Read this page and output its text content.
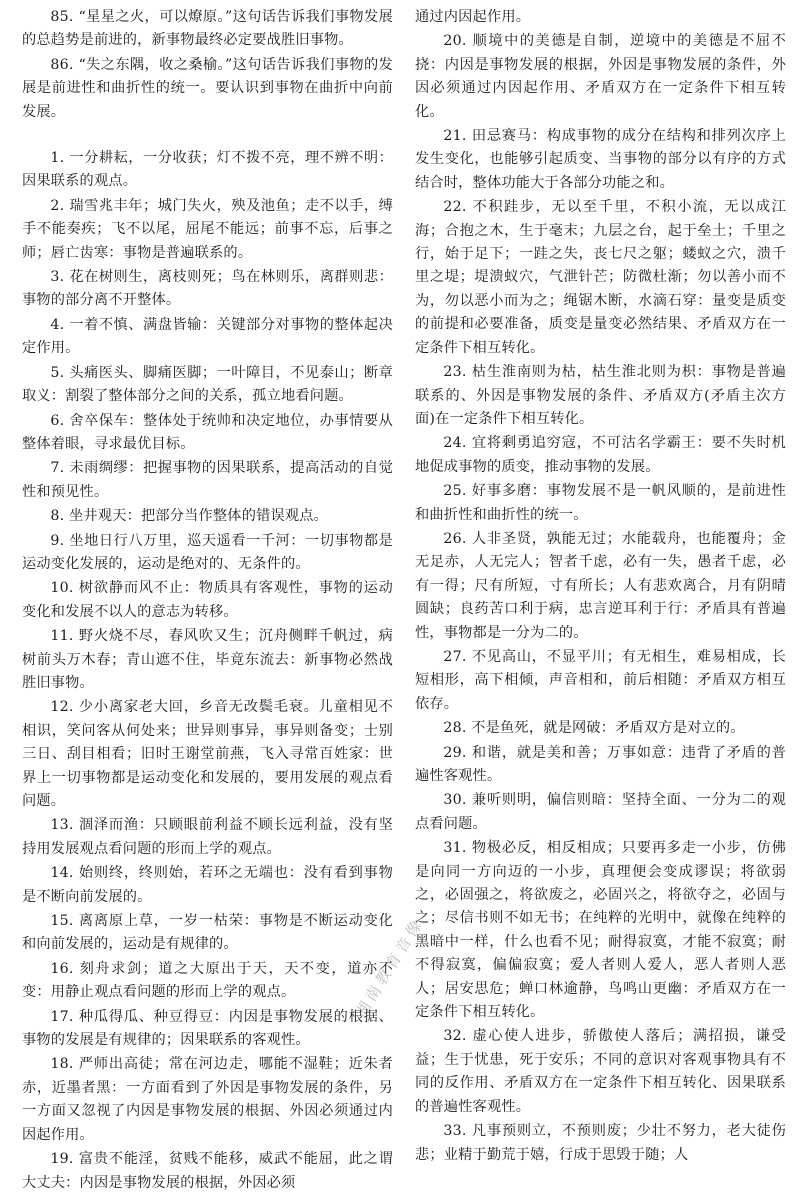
85. “星星之火，可以燎原。”这句话告诉我们事物发展的总趋势是前进的，新事物最终必定要战胜旧事物。

86. “失之东隅，收之桑榆。”这句话告诉我们事物的发展是前进性和曲折性的统一。要认识到事物在曲折中向前发展。

1. 一分耕耘，一分收获；灯不拨不亮，理不辨不明：因果联系的观点。

2. 瑞雪兆丰年；城门失火，殃及池鱼；走不以手，缚手不能奏疾；飞不以尾，屈尾不能远；前事不忘，后事之师；唇亡齿寒：事物是普遍联系的。

3. 花在树则生，离枝则死；鸟在林则乐，离群则悲：事物的部分离不开整体。

4. 一着不慎、满盘皆输：关键部分对事物的整体起决定作用。

5. 头痛医头、脚痛医脚；一叶障目，不见泰山；断章取义：割裂了整体部分之间的关系，孤立地看问题。

6. 舍卒保车：整体处于统帅和决定地位，办事情要从整体着眼，寻求最优目标。

7. 未雨绸缪：把握事物的因果联系，提高活动的自觉性和预见性。

8. 坐井观天：把部分当作整体的错误观点。

9. 坐地日行八万里，巡天遥看一千河：一切事物都是运动变化发展的，运动是绝对的、无条件的。

10. 树欲静而风不止：物质具有客观性，事物的运动变化和发展不以人的意志为转移。

11. 野火烧不尽，春风吹又生；沉舟侧畔千帆过，病树前头万木春；青山遮不住，毕竟东流去：新事物必然战胜旧事物。

12. 少小离家老大回，乡音无改鬓毛衰。儿童相见不相识，笑问客从何处来；世异则事异，事异则备变；士别三日、刮目相看；旧时王谢堂前燕，飞入寻常百姓家：世界上一切事物都是运动变化和发展的，要用发展的观点看问题。

13. 涸泽而渔：只顾眼前利益不顾长远利益，没有坚持用发展观点看问题的形而上学的观点。

14. 始则终，终则始，若环之无端也：没有看到事物是不断向前发展的。

15. 离离原上草，一岁一枯荣：事物是不断运动变化和向前发展的，运动是有规律的。

16. 刻舟求剑；道之大原出于天，天不变，道亦不变：用静止观点看问题的形而上学的观点。

17. 种瓜得瓜、种豆得豆：内因是事物发展的根据、事物的发展是有规律的；因果联系的客观性。

18. 严师出高徒；常在河边走，哪能不湿鞋；近朱者赤，近墨者黑：一方面看到了外因是事物发展的条件，另一方面又忽视了内因是事物发展的根据、外因必须通过内因起作用。

19. 富贵不能淫，贫贱不能移，威武不能屈，此之谓大丈夫：内因是事物发展的根据，外因必须

通过内因起作用。

20. 顺境中的美德是自制，逆境中的美德是不屈不挠：内因是事物发展的根据，外因是事物发展的条件，外因必须通过内因起作用、矛盾双方在一定条件下相互转化。

21. 田忌赛马：构成事物的成分在结构和排列次序上发生变化，也能够引起质变、当事物的部分以有序的方式结合时，整体功能大于各部分功能之和。

22. 不积跬步，无以至千里，不积小流，无以成江海；合抱之木，生于毫末；九层之台，起于垒土；千里之行，始于足下；一跬之失，丧七尺之躯；蝼蚁之穴，溃千里之堤；堤溃蚁穴，气泄针芒；防微杜渐；勿以善小而不为，勿以恶小而为之；绳锯木断，水滴石穿：量变是质变的前提和必要准备，质变是量变必然结果、矛盾双方在一定条件下相互转化。

23. 枯生淮南则为枯，枯生淮北则为枳：事物是普遍联系的、外因是事物发展的条件、矛盾双方(矛盾主次方面)在一定条件下相互转化。

24. 宜将剩勇追穷寇，不可沽名学霸王：要不失时机地促成事物的质变，推动事物的发展。

25. 好事多磨：事物发展不是一帆风顺的，是前进性和曲折性和曲折性的统一。

26. 人非圣贤，孰能无过；水能载舟，也能覆舟；金无足赤，人无完人；智者千虑，必有一失，愚者千虑，必有一得；尺有所短，寸有所长；人有悲欢离合，月有阴晴圆缺；良药苦口利于病，忠言逆耳利于行：矛盾具有普遍性，事物都是一分为二的。

27. 不见高山，不显平川；有无相生，难易相成，长短相形，高下相倾，声音相和，前后相随：矛盾双方相互依存。

28. 不是鱼死，就是网破：矛盾双方是对立的。

29. 和谐，就是美和善；万事如意：违背了矛盾的普遍性客观性。

30. 兼听则明，偏信则暗：坚持全面、一分为二的观点看问题。

31. 物极必反，相反相成；只要再多走一小步，仿佛是向同一方向迈的一小步，真理便会变成谬误；将欲弱之，必固强之，将欲废之，必固兴之，将欲夺之，必固与之；尽信书则不如无书；在纯粹的光明中，就像在纯粹的黑暗中一样，什么也看不见；耐得寂寞，才能不寂寞；耐不得寂寞，偏偏寂寞；爱人者则人爱人，恶人者则人恶人；居安思危；蝉口林逾静，鸟鸣山更幽：矛盾双方在一定条件下相互转化。

32. 虚心使人进步，骄傲使人落后；满招损，谦受益；生于忧患，死于安乐；不同的意识对客观事物具有不同的反作用、矛盾双方在一定条件下相互转化、因果联系的普遍性客观性。

33. 凡事预则立，不预则废；少壮不努力，老大徒伤悲；业精于勤荒于嬉，行成于思毁于随；人

湖南教育音像
